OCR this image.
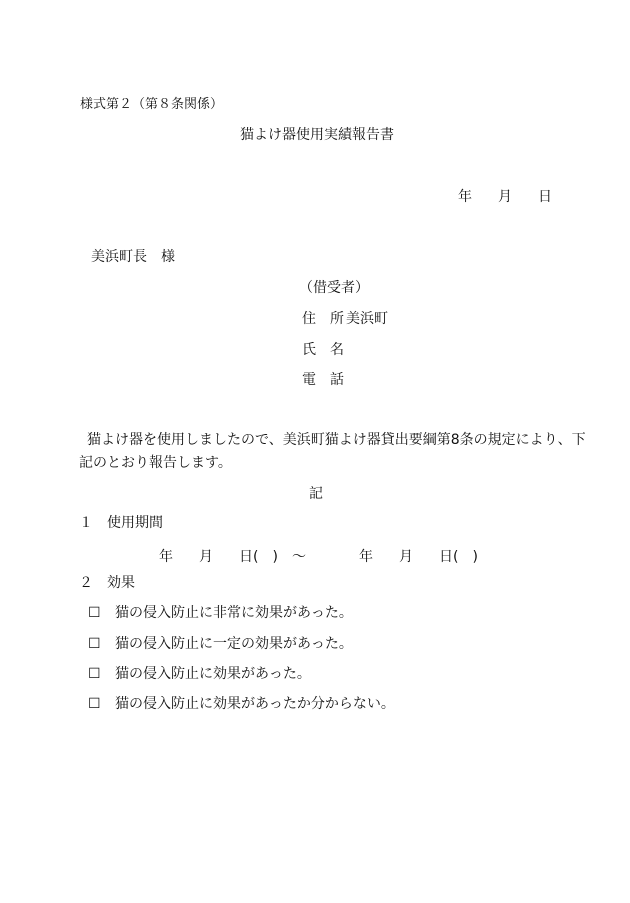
様式第２（第８条関係）
猫よけ器使用実績報告書
年 月 日
美浜町長　様
（借受者）
住　所 美浜町
氏　名
電　話
猫よけ器を使用しましたので、美浜町猫よけ器貸出要綱第8条の規定により、下
記のとおり報告します。
記
１　使用期間
年 月 日(　) ～	年 月 日(　)
２　効果
☐ 猫の侵入防止に非常に効果があった。
☐ 猫の侵入防止に一定の効果があった。
☐ 猫の侵入防止に効果があった。
☐ 猫の侵入防止に効果があったか分からない。
